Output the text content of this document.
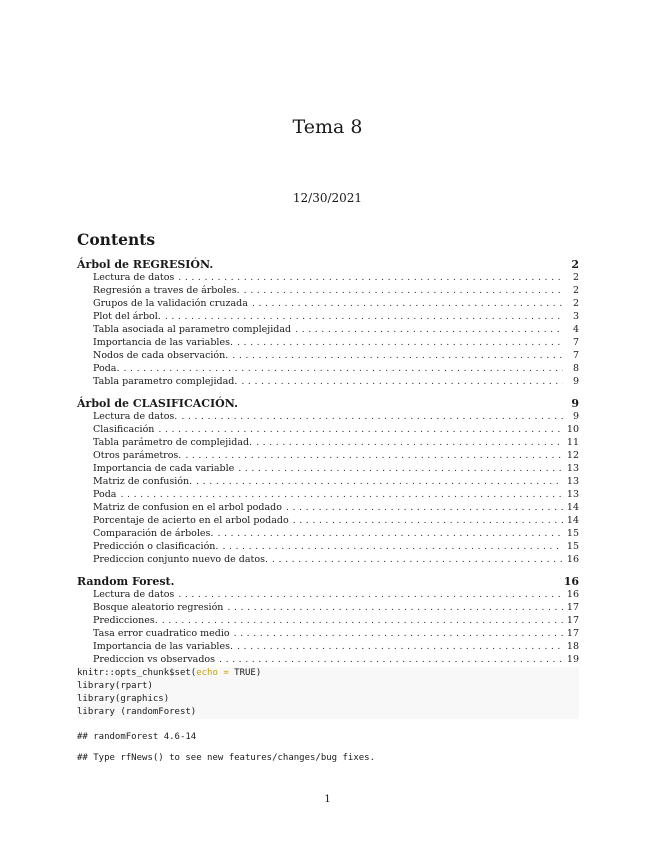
Tema 8
12/30/2021
Contents
Árbol de REGRESIÓN.	2
Lectura de datos . . .	2
Regresión a traves de árboles. . . .	2
Grupos de la validación cruzada . . .	2
Plot del árbol. . . .	3
Tabla asociada al parametro complejidad . . .	4
Importancia de las variables. . . .	7
Nodos de cada observación. . . .	7
Poda. . . .	8
Tabla parametro complejidad. . . .	9
Árbol de CLASIFICACIÓN.	9
Lectura de datos. . . .	9
Clasificación . . .	10
Tabla parámetro de complejidad. . . .	11
Otros parámetros. . . .	12
Importancia de cada variable . . .	13
Matriz de confusión. . . .	13
Poda . . .	13
Matriz de confusion en el arbol podado . . .	14
Porcentaje de acierto en el arbol podado . . .	14
Comparación de árboles. . . .	15
Predicción o clasificación. . . .	15
Prediccion conjunto nuevo de datos. . . .	16
Random Forest.	16
Lectura de datos . . .	16
Bosque aleatorio regresión . . .	17
Predicciones. . . .	17
Tasa error cuadratico medio . . .	17
Importancia de las variables. . . .	18
Prediccion vs observados . . .	19
knitr::opts_chunk$set(echo = TRUE)
library(rpart)
library(graphics)
library (randomForest)
## randomForest 4.6-14
## Type rfNews() to see new features/changes/bug fixes.
1
